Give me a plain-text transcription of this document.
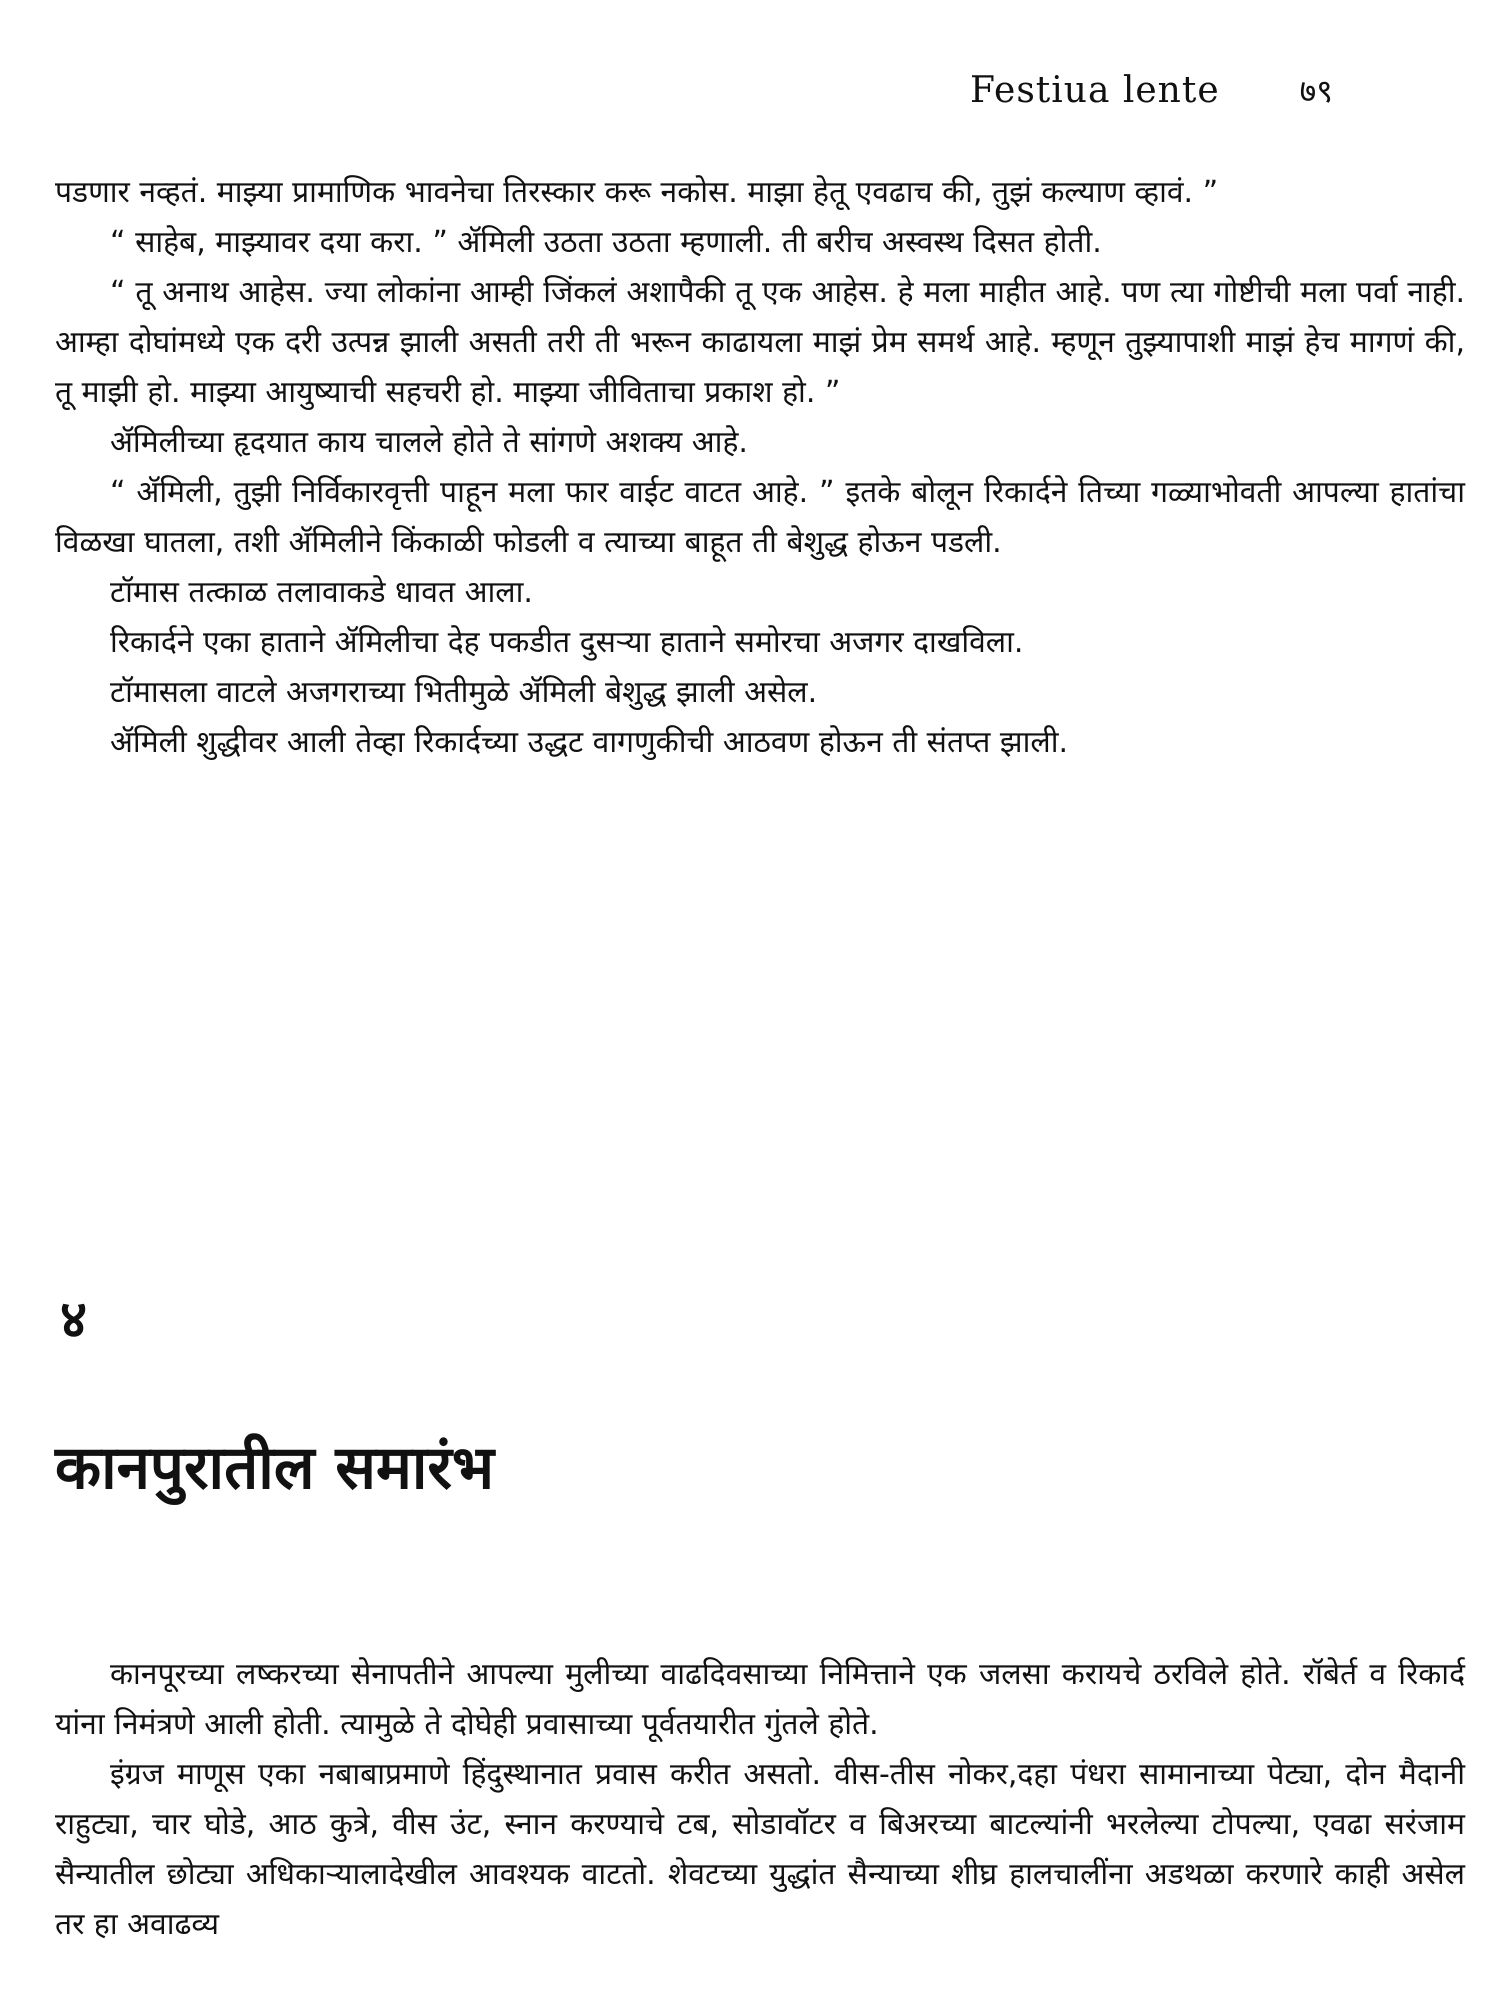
Festiua lente	७९

पडणार नव्हतं. माझ्या प्रामाणिक भावनेचा तिरस्कार करू नकोस. माझा हेतू एवढाच की, तुझं कल्याण व्हावं. ”

“ साहेब, माझ्यावर दया करा. ” ॲमिली उठता उठता म्हणाली. ती बरीच अस्वस्थ दिसत होती.

“ तू अनाथ आहेस. ज्या लोकांना आम्ही जिंकलं अशापैकी तू एक आहेस. हे मला माहीत आहे. पण त्या गोष्टीची मला पर्वा नाही. आम्हा दोघांमध्ये एक दरी उत्पन्न झाली असती तरी ती भरून काढायला माझं प्रेम समर्थ आहे. म्हणून तुझ्यापाशी माझं हेच मागणं की, तू माझी हो. माझ्या आयुष्याची सहचरी हो. माझ्या जीविताचा प्रकाश हो. ”

ॲमिलीच्या हृदयात काय चालले होते ते सांगणे अशक्य आहे.

“ ॲमिली, तुझी निर्विकारवृत्ती पाहून मला फार वाईट वाटत आहे. ” इतके बोलून रिकार्दने तिच्या गळ्याभोवती आपल्या हातांचा विळखा घातला, तशी ॲमिलीने किंकाळी फोडली व त्याच्या बाहूत ती बेशुद्ध होऊन पडली.

टॉमास तत्काळ तलावाकडे धावत आला.

रिकार्दने एका हाताने ॲमिलीचा देह पकडीत दुसऱ्या हाताने समोरचा अजगर दाखविला.

टॉमासला वाटले अजगराच्या भितीमुळे ॲमिली बेशुद्ध झाली असेल.

ॲमिली शुद्धीवर आली तेव्हा रिकार्दच्या उद्धट वागणुकीची आठवण होऊन ती संतप्त झाली.

४
कानपुरातील समारंभ

कानपूरच्या लष्करच्या सेनापतीने आपल्या मुलीच्या वाढदिवसाच्या निमित्ताने एक जलसा करायचे ठरविले होते. रॉबेर्त व रिकार्द यांना निमंत्रणे आली होती. त्यामुळे ते दोघेही प्रवासाच्या पूर्वतयारीत गुंतले होते.

इंग्रज माणूस एका नबाबाप्रमाणे हिंदुस्थानात प्रवास करीत असतो. वीस-तीस नोकर,दहा पंधरा सामानाच्या पेट्या, दोन मैदानी राहुट्या, चार घोडे, आठ कुत्रे, वीस उंट, स्नान करण्याचे टब, सोडावॉटर व बिअरच्या बाटल्यांनी भरलेल्या टोपल्या, एवढा सरंजाम सैन्यातील छोट्या अधिकाऱ्यालादेखील आवश्यक वाटतो. शेवटच्या युद्धांत सैन्याच्या शीघ्र हालचालींना अडथळा करणारे काही असेल तर हा अवाढव्य
